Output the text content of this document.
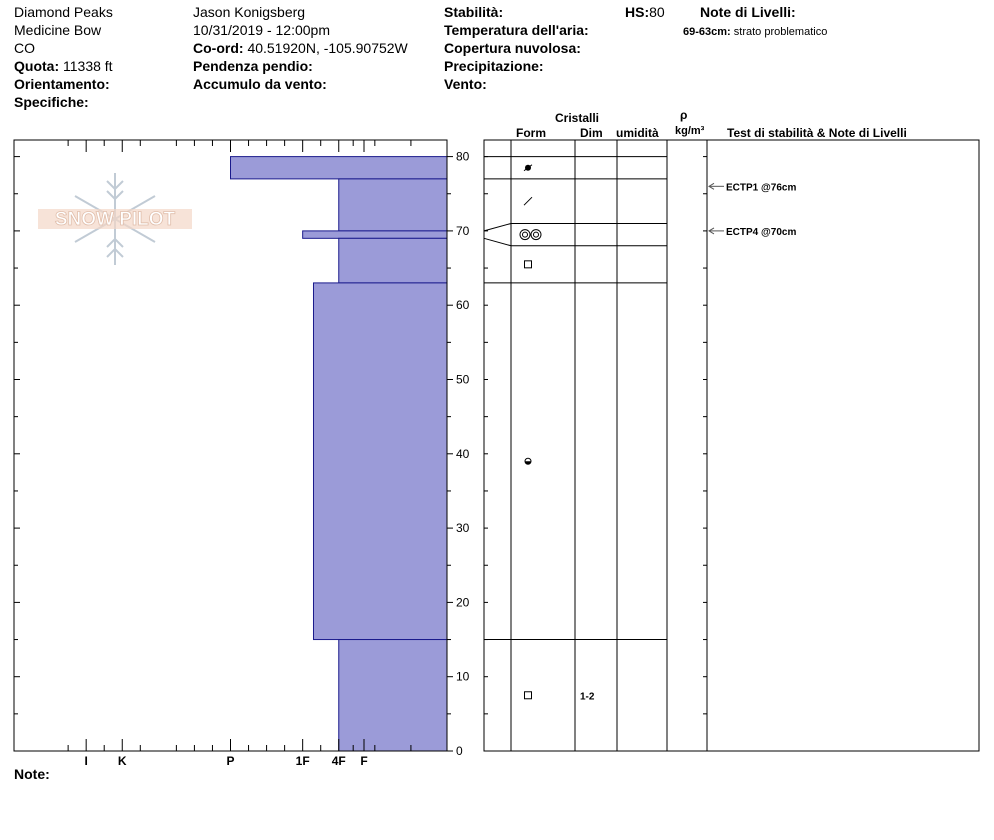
Diamond Peaks
Medicine Bow
CO
Quota: 11338 ft
Orientamento:
Specifiche:
Jason Konigsberg
10/31/2019 - 12:00pm
Co-ord: 40.51920N, -105.90752W
Pendenza pendio:
Accumulo da vento:
Stabilità:
Temperatura dell'aria:
Copertura nuvolosa:
Precipitazione:
Vento:
HS:80	Note di Livelli:
69-63cm: strato problematico
Cristalli
Form	Dim umidità
ρ
kg/m³ Test di stabilità & Note di Livelli
SNOW PILOT
0
10
20
30
40
50
60
70
80
I	K	P	1F 4F F
1-2
ECTP1 @76cm
ECTP4 @70cm
Note:
